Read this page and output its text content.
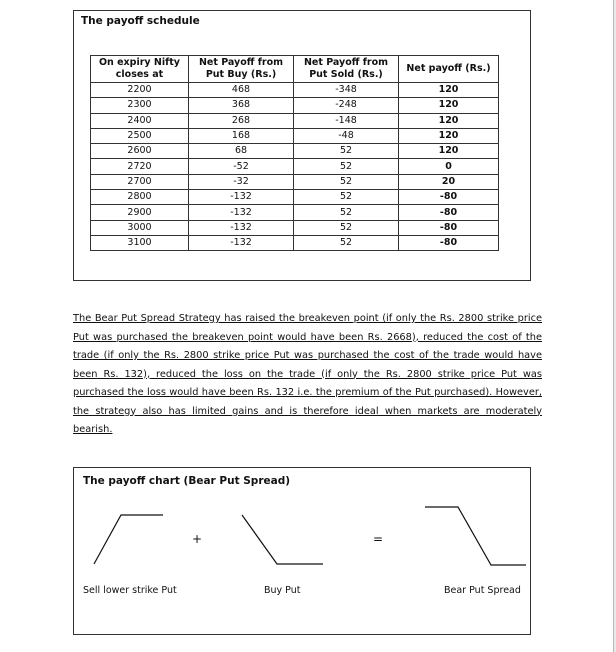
The payoff schedule
On expiry Nifty closes at	Net Payoff from Put Buy (Rs.)	Net Payoff from Put Sold (Rs.)	Net payoff (Rs.)
2200	468	-348	120
2300	368	-248	120
2400	268	-148	120
2500	168	-48	120
2600	68	52	120
2720	-52	52	0
2700	-32	52	20
2800	-132	52	-80
2900	-132	52	-80
3000	-132	52	-80
3100	-132	52	-80
The Bear Put Spread Strategy has raised the breakeven point (if only the Rs. 2800 strike price Put was purchased the breakeven point would have been Rs. 2668), reduced the cost of the trade (if only the Rs. 2800 strike price Put was purchased the cost of the trade would have been Rs. 132), reduced the loss on the trade (if only the Rs. 2800 strike price Put was purchased the loss would have been Rs. 132 i.e. the premium of the Put purchased). However, the strategy also has limited gains and is therefore ideal when markets are moderately bearish.
The payoff chart (Bear Put Spread)
+	=
Sell lower strike Put	Buy Put	Bear Put Spread
